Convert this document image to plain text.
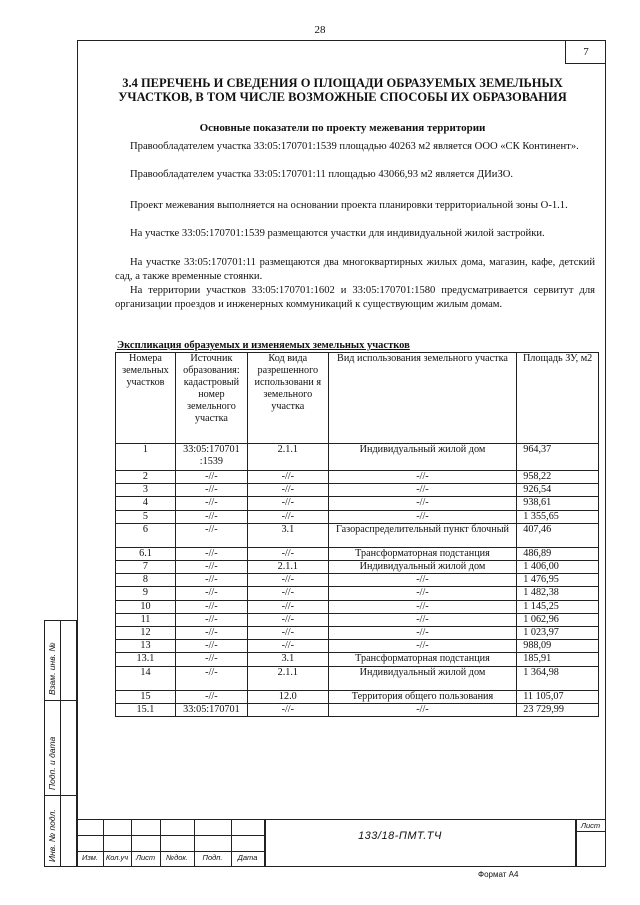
28
7
3.4 ПЕРЕЧЕНЬ И СВЕДЕНИЯ О ПЛОЩАДИ ОБРАЗУЕМЫХ ЗЕМЕЛЬНЫХ УЧАСТКОВ, В ТОМ ЧИСЛЕ ВОЗМОЖНЫЕ СПОСОБЫ ИХ ОБРАЗОВАНИЯ
Основные показатели по проекту межевания территории
Правообладателем участка 33:05:170701:1539 площадью 40263 м2 является ООО «СК Континент».
Правообладателем участка 33:05:170701:11 площадью 43066,93 м2 является ДИиЗО.
Проект межевания выполняется на основании проекта планировки территориальной зоны О-1.1.
На участке 33:05:170701:1539 размещаются участки для индивидуальной жилой застройки.
На участке 33:05:170701:11 размещаются два многоквартирных жилых дома, магазин, кафе, детский сад, а также временные стоянки.
На территории участков 33:05:170701:1602 и 33:05:170701:1580 предусматривается сервитут для организации проездов и инженерных коммуникаций к существующим жилым домам.
Экспликация образуемых и изменяемых земельных участков
Номера земельных участков	Источник образования: кадастровый номер земельного участка	Код вида разрешенного использовани я земельного участка	Вид использования земельного участка	Площадь ЗУ, м2
1	33:05:170701 :1539	2.1.1	Индивидуальный жилой дом	964,37
2	-//-	-//-	-//-	958,22
3	-//-	-//-	-//-	926,54
4	-//-	-//-	-//-	938,61
5	-//-	-//-	-//-	1 355,65
6	-//-	3.1	Газораспределительный пункт блочный	407,46
6.1	-//-	-//-	Трансформаторная подстанция	486,89
7	-//-	2.1.1	Индивидуальный жилой дом	1 406,00
8	-//-	-//-	-//-	1 476,95
9	-//-	-//-	-//-	1 482,38
10	-//-	-//-	-//-	1 145,25
11	-//-	-//-	-//-	1 062,96
12	-//-	-//-	-//-	1 023,97
13	-//-	-//-	-//-	988,09
13.1	-//-	3.1	Трансформаторная подстанция	185,91
14	-//-	2.1.1	Индивидуальный жилой дом	1 364,98
15	-//-	12.0	Территория общего пользования	11 105,07
15.1	33:05:170701	-//-	-//-	23 729,99
Взам. инв. №
Подп. и дата
Инв. № подл.	Изм.	Кол.уч	Лист	№док.	Подп.	Дата
Лист
133/18-ПМТ.ТЧ
Формат А4
